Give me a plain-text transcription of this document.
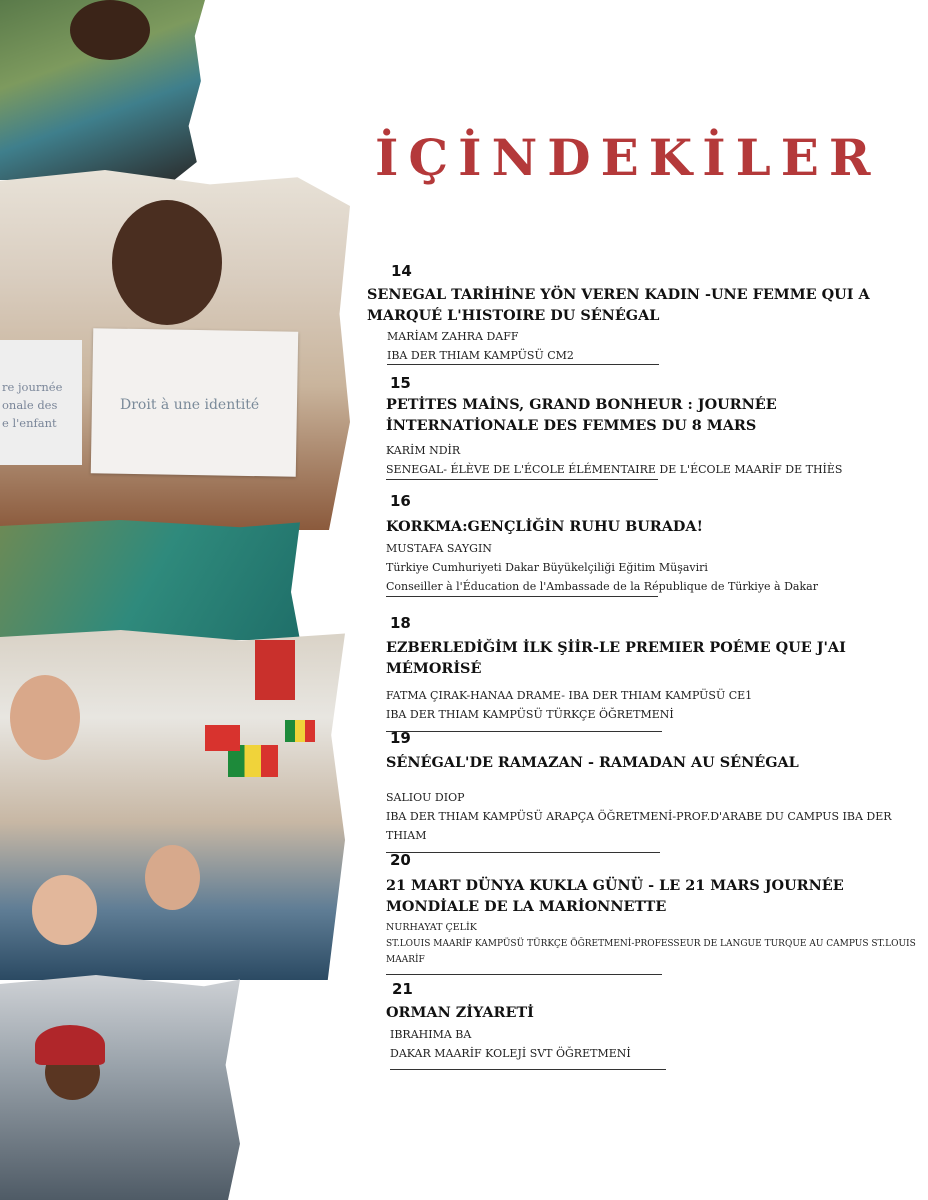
re journée
onale des
e l'enfant
Droit à une identité
İÇİNDEKİLER
14
SENEGAL TARİHİNE YÖN VEREN KADIN -UNE FEMME QUI A MARQUÉ L'HISTOIRE DU SÉNÉGAL
MARİAM ZAHRA DAFF
IBA DER THIAM KAMPÜSÜ CM2
15
PETİTES MAİNS, GRAND BONHEUR : JOURNÉE İNTERNATİONALE DES FEMMES DU 8 MARS
KARİM NDİR
SENEGAL- ÉLÈVE DE L'ÉCOLE ÉLÉMENTAIRE DE L'ÉCOLE MAARİF DE THİÈS
16
KORKMA:GENÇLİĞİN RUHU BURADA!
MUSTAFA SAYGIN
Türkiye Cumhuriyeti Dakar Büyükelçiliği Eğitim Müşaviri
Conseiller à l'Éducation de l'Ambassade de la République de Türkiye à Dakar
18
EZBERLEDİĞİM İLK ŞİİR-LE PREMIER POÉME QUE J'AI MÉMORİSÉ
FATMA ÇIRAK-HANAA DRAME- IBA DER THIAM KAMPÜSÜ CE1
IBA DER THIAM KAMPÜSÜ TÜRKÇE ÖĞRETMENİ
19
SÉNÉGAL'DE RAMAZAN - RAMADAN AU SÉNÉGAL
SALIOU DIOP
IBA DER THIAM KAMPÜSÜ ARAPÇA ÖĞRETMENİ-PROF.D'ARABE DU CAMPUS IBA DER THIAM
20
21 MART DÜNYA KUKLA GÜNÜ - LE 21 MARS JOURNÉE MONDİALE DE LA MARİONNETTE
NURHAYAT ÇELİK
ST.LOUIS MAARİF KAMPÜSÜ TÜRKÇE ÖĞRETMENİ-PROFESSEUR DE LANGUE TURQUE AU CAMPUS ST.LOUIS MAARİF
21
ORMAN ZİYARETİ
IBRAHIMA BA
DAKAR MAARİF KOLEJİ SVT ÖĞRETMENİ
